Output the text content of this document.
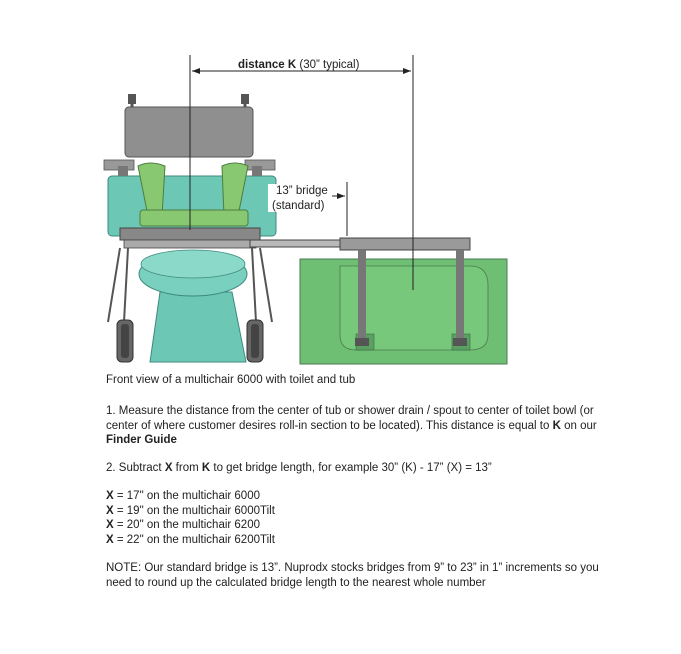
distance K (30” typical)
13” bridge
(standard)
Front view of a multichair 6000 with toilet and tub
1. Measure the distance from the center of tub or shower drain / spout to center of toilet bowl (or center of where customer desires roll-in section to be located). This distance is equal to K on our Finder Guide
2. Subtract X from K to get bridge length, for example 30” (K) - 17” (X) = 13”
X = 17" on the multichair 6000
X = 19" on the multichair 6000Tilt
X = 20" on the multichair 6200
X = 22" on the multichair 6200Tilt
NOTE: Our standard bridge is 13”. Nuprodx stocks bridges from 9” to 23” in 1” increments so you need to round up the calculated bridge length to the nearest whole number
